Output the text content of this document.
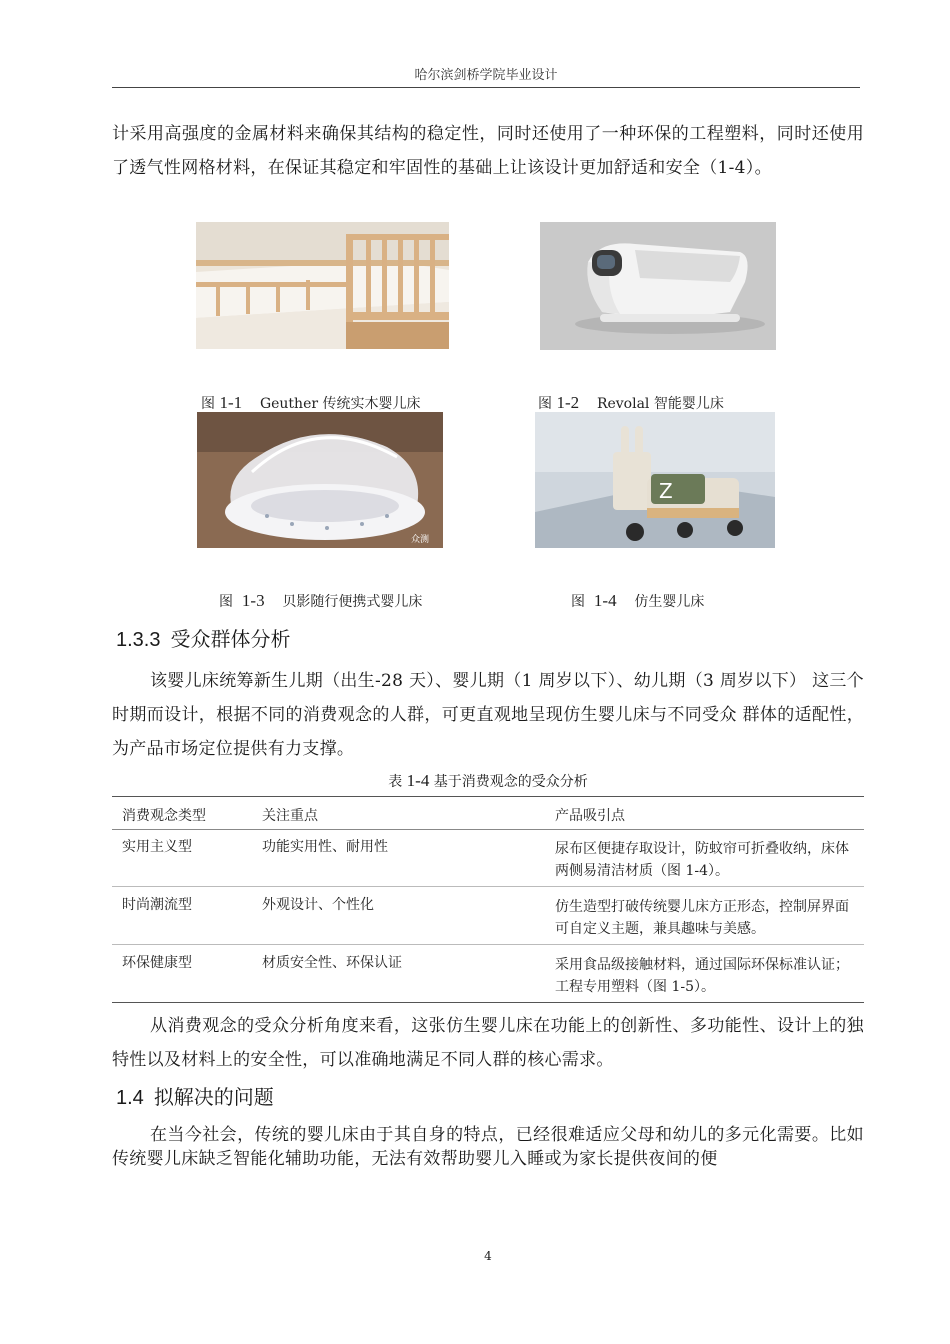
哈尔滨剑桥学院毕业设计

计采用高强度的金属材料来确保其结构的稳定性，同时还使用了一种环保的工程塑料，同时还使用了透气性网格材料，在保证其稳定和牢固性的基础上让该设计更加舒适和安全（1-4）。

图 1-1 Geuther 传统实木婴儿床	图 1-2 Revolal 智能婴儿床
众测
Z
图 1-3 贝影随行便携式婴儿床	图 1-4 仿生婴儿床
1.3.3 受众群体分析

该婴儿床统筹新生儿期（出生-28 天）、婴儿期（1 周岁以下）、幼儿期（3 周岁以下） 这三个时期而设计，根据不同的消费观念的人群，可更直观地呈现仿生婴儿床与不同受众 群体的适配性，为产品市场定位提供有力支撑。

表 1-4 基于消费观念的受众分析
消费观念类型	关注重点	产品吸引点
实用主义型	功能实用性、耐用性	尿布区便捷存取设计，防蚊帘可折叠收纳，床体两侧易清洁材质（图 1-4）。
时尚潮流型	外观设计、个性化	仿生造型打破传统婴儿床方正形态，控制屏界面可自定义主题，兼具趣味与美感。
环保健康型	材质安全性、环保认证	采用食品级接触材料，通过国际环保标准认证；工程专用塑料（图 1-5）。

从消费观念的受众分析角度来看，这张仿生婴儿床在功能上的创新性、多功能性、设计上的独特性以及材料上的安全性，可以准确地满足不同人群的核心需求。

1.4 拟解决的问题

在当今社会，传统的婴儿床由于其自身的特点，已经很难适应父母和幼儿的多元化需要。比如传统婴儿床缺乏智能化辅助功能，无法有效帮助婴儿入睡或为家长提供夜间的便

4
